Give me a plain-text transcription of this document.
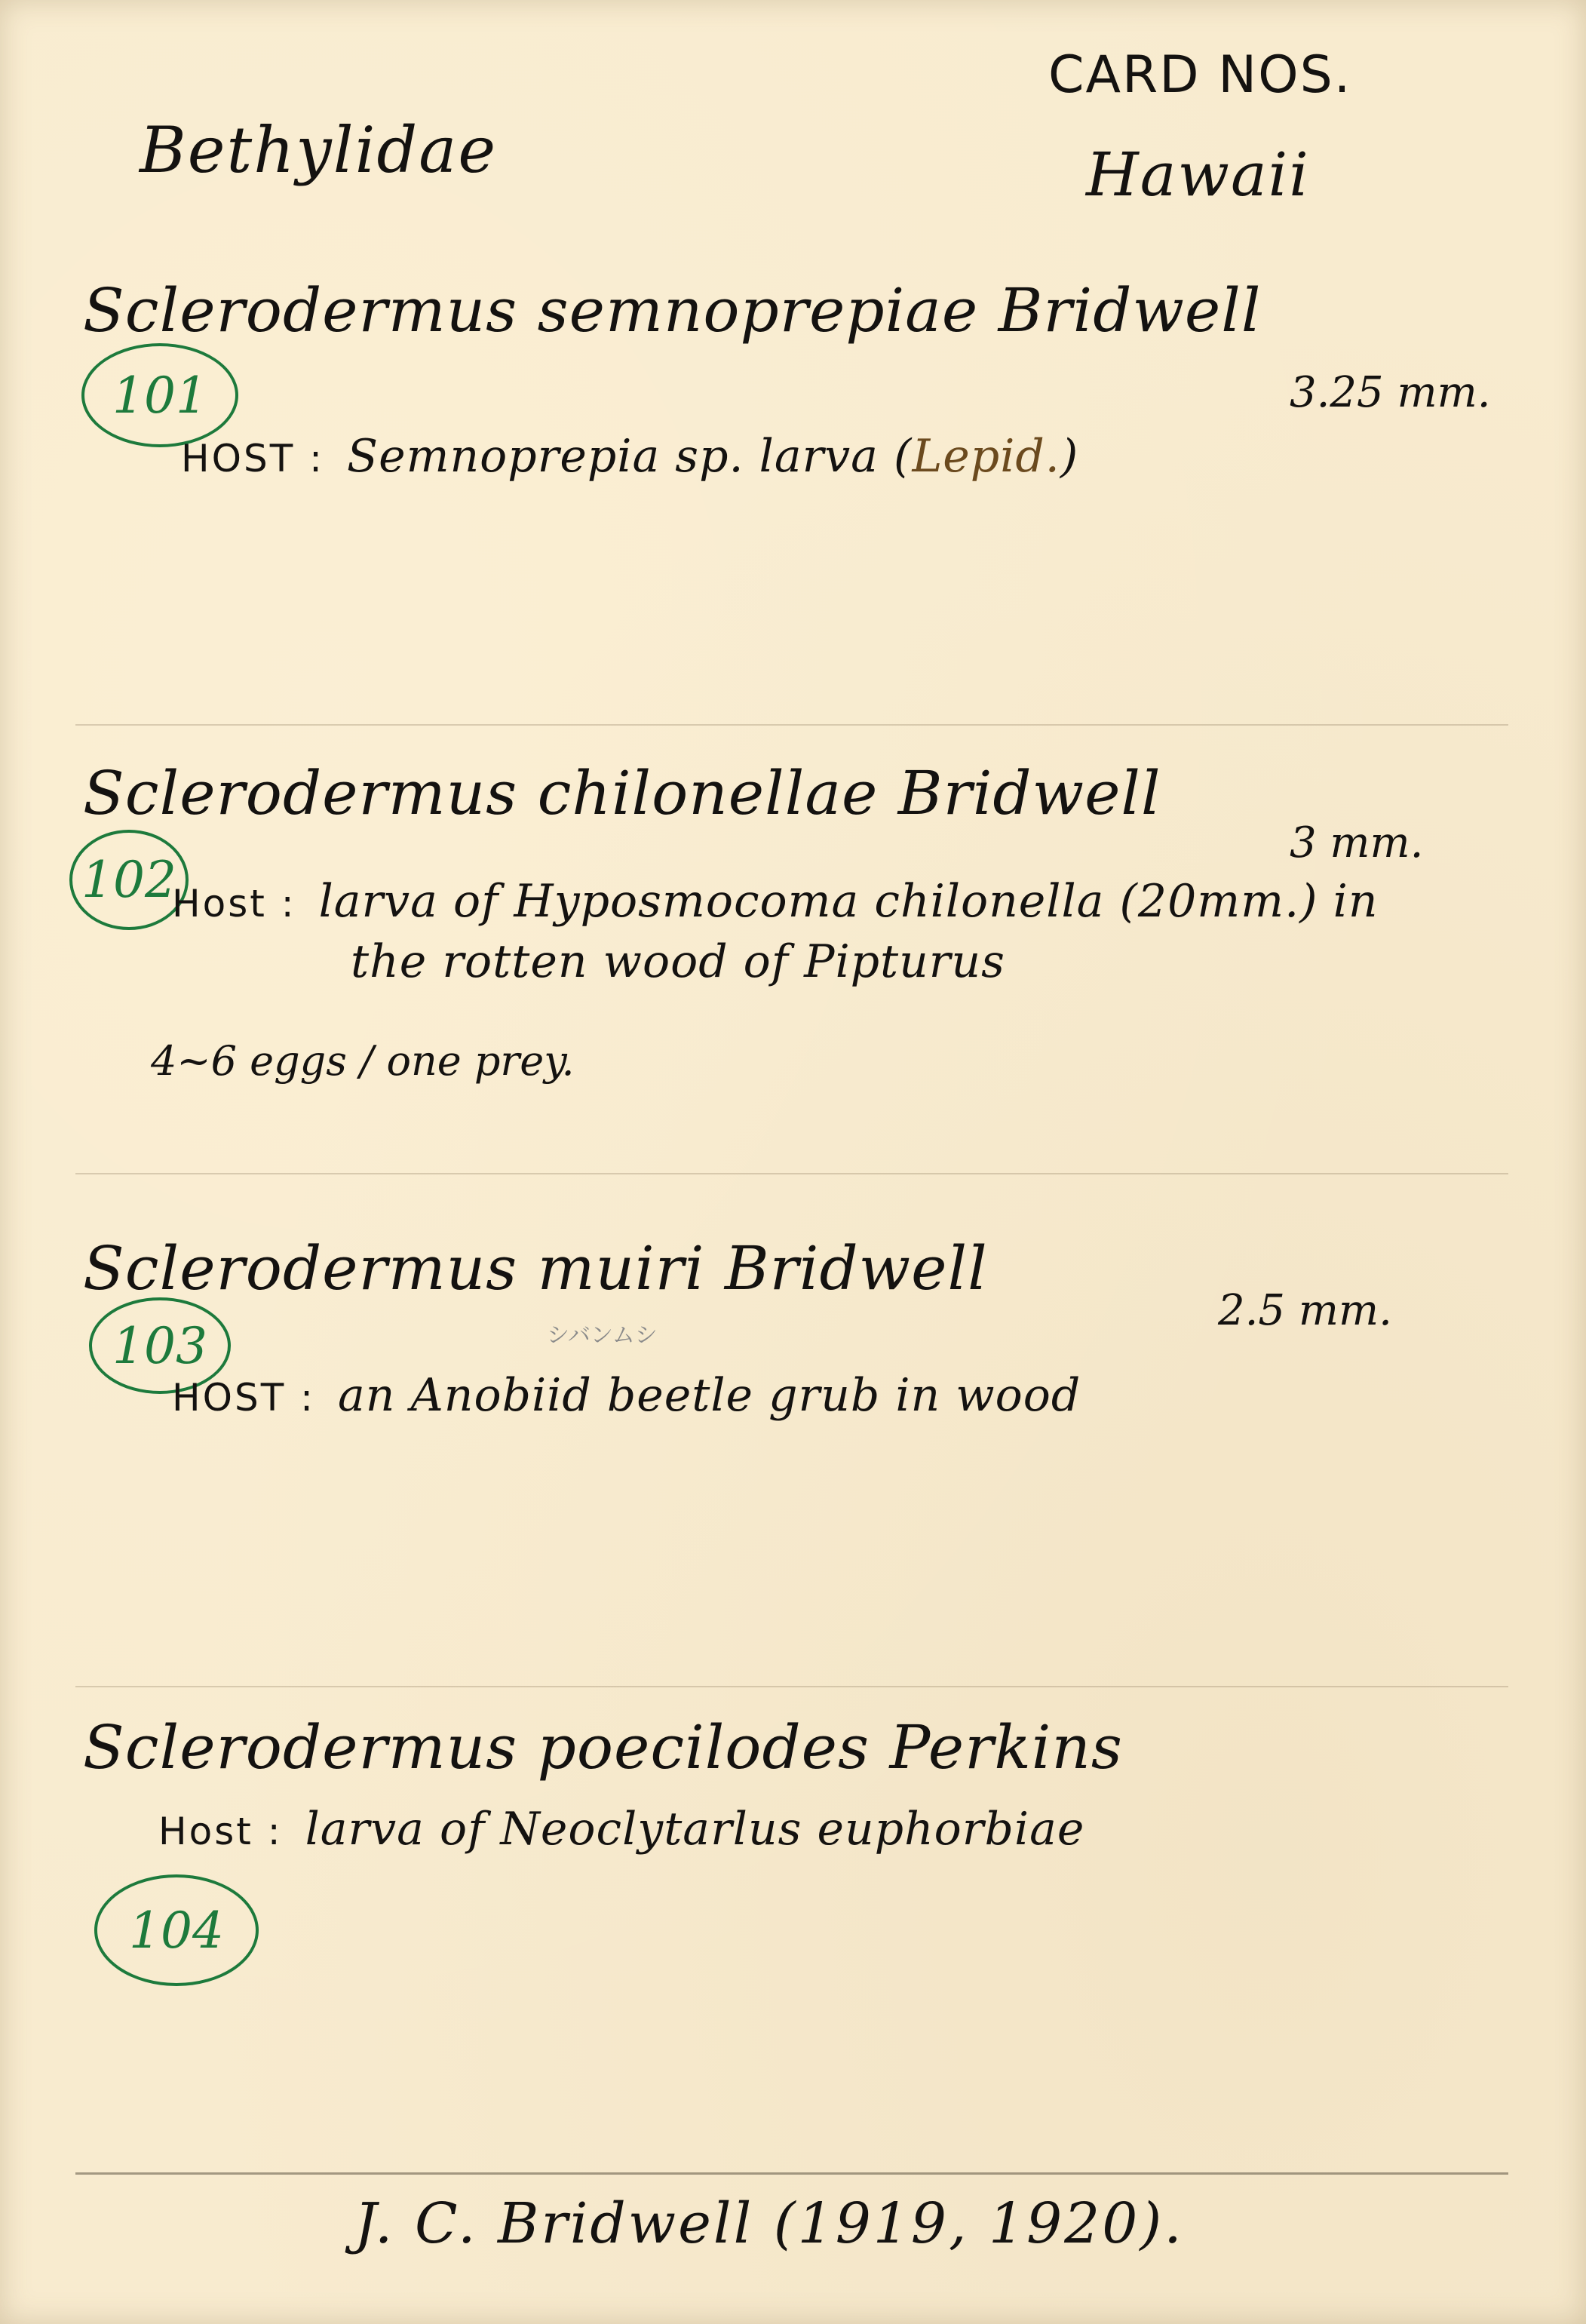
Bethylidae
CARD NOS.
Hawaii
Sclerodermus semnoprepiae Bridwell
101	3.25 mm.
HOST : Semnoprepia sp. larva (Lepid.)
Sclerodermus chilonellae Bridwell
3 mm.
102
Host : larva of Hyposmocoma chilonella (20mm.) in
the rotten wood of Pipturus
4~6 eggs / one prey.
Sclerodermus muiri Bridwell
2.5 mm.
103	シバンムシ
HOST : an Anobiid beetle grub in wood
Sclerodermus poecilodes Perkins
Host : larva of Neoclytarlus euphorbiae
104
J. C. Bridwell (1919, 1920).
